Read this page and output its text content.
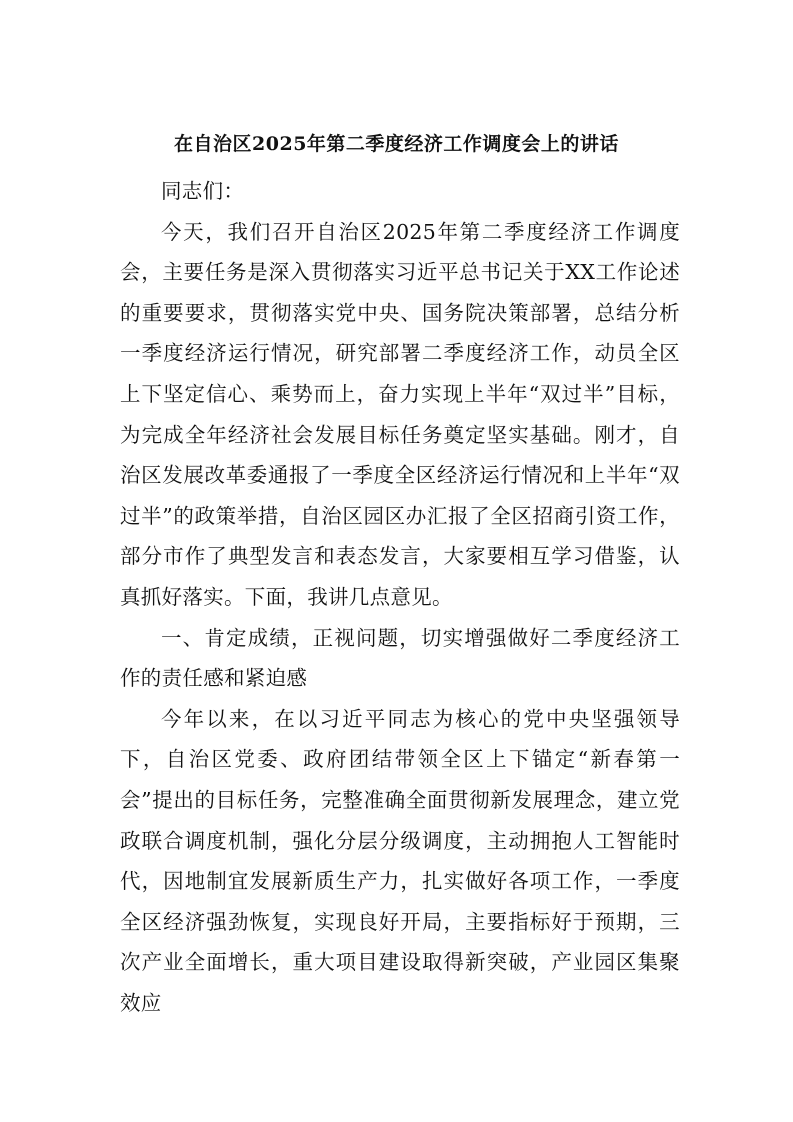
在自治区2025年第二季度经济工作调度会上的讲话

同志们：

今天，我们召开自治区2025年第二季度经济工作调度会，主要任务是深入贯彻落实习近平总书记关于XX工作论述的重要要求，贯彻落实党中央、国务院决策部署，总结分析一季度经济运行情况，研究部署二季度经济工作，动员全区上下坚定信心、乘势而上，奋力实现上半年“双过半”目标，为完成全年经济社会发展目标任务奠定坚实基础。刚才，自治区发展改革委通报了一季度全区经济运行情况和上半年“双过半”的政策举措，自治区园区办汇报了全区招商引资工作，部分市作了典型发言和表态发言，大家要相互学习借鉴，认真抓好落实。下面，我讲几点意见。

一、肯定成绩，正视问题，切实增强做好二季度经济工作的责任感和紧迫感

今年以来，在以习近平同志为核心的党中央坚强领导下，自治区党委、政府团结带领全区上下锚定“新春第一会”提出的目标任务，完整准确全面贯彻新发展理念，建立党政联合调度机制，强化分层分级调度，主动拥抱人工智能时代，因地制宜发展新质生产力，扎实做好各项工作，一季度全区经济强劲恢复，实现良好开局，主要指标好于预期，三次产业全面增长，重大项目建设取得新突破，产业园区集聚效应
